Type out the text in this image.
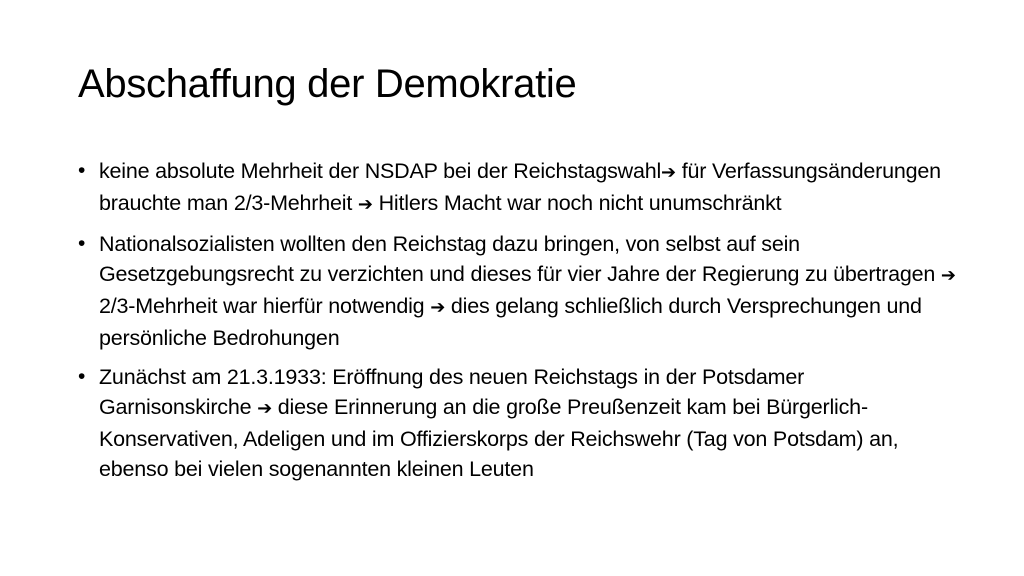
Abschaffung der Demokratie
• keine absolute Mehrheit der NSDAP bei der Reichstagswahl➔ für Verfassungsänderungen brauchte man 2/3-Mehrheit ➔ Hitlers Macht war noch nicht unumschränkt
• Nationalsozialisten wollten den Reichstag dazu bringen, von selbst auf sein Gesetzgebungsrecht zu verzichten und dieses für vier Jahre der Regierung zu übertragen ➔ 2/3-Mehrheit war hierfür notwendig ➔ dies gelang schließlich durch Versprechungen und persönliche Bedrohungen
• Zunächst am 21.3.1933: Eröffnung des neuen Reichstags in der Potsdamer Garnisonskirche ➔ diese Erinnerung an die große Preußenzeit kam bei Bürgerlich-Konservativen, Adeligen und im Offizierskorps der Reichswehr (Tag von Potsdam) an, ebenso bei vielen sogenannten kleinen Leuten
